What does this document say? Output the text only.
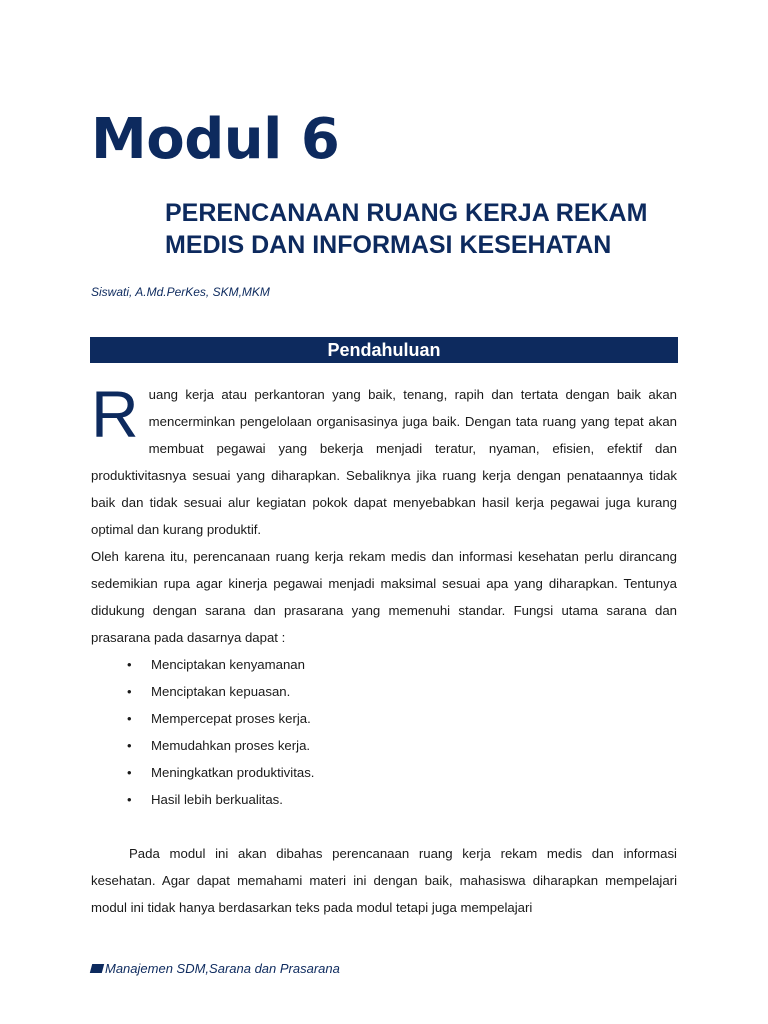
Modul 6
PERENCANAAN RUANG KERJA REKAM MEDIS DAN INFORMASI KESEHATAN
Siswati, A.Md.PerKes, SKM,MKM
Pendahuluan

Ruang kerja atau perkantoran yang baik, tenang, rapih dan tertata dengan baik akan mencerminkan pengelolaan organisasinya juga baik. Dengan tata ruang yang tepat akan membuat pegawai yang bekerja menjadi teratur, nyaman, efisien, efektif dan produktivitasnya sesuai yang diharapkan. Sebaliknya jika ruang kerja dengan penataannya tidak baik dan tidak sesuai alur kegiatan pokok dapat menyebabkan hasil kerja pegawai juga kurang optimal dan kurang produktif.

Oleh karena itu, perencanaan ruang kerja rekam medis dan informasi kesehatan perlu dirancang sedemikian rupa agar kinerja pegawai menjadi maksimal sesuai apa yang diharapkan. Tentunya didukung dengan sarana dan prasarana yang memenuhi standar. Fungsi utama sarana dan prasarana pada dasarnya dapat :

• Menciptakan kenyamanan
• Menciptakan kepuasan.
• Mempercepat proses kerja.
• Memudahkan proses kerja.
• Meningkatkan produktivitas.
• Hasil lebih berkualitas.

Pada modul ini akan dibahas perencanaan ruang kerja rekam medis dan informasi kesehatan. Agar dapat memahami materi ini dengan baik, mahasiswa diharapkan mempelajari modul ini tidak hanya berdasarkan teks pada modul tetapi juga mempelajari

Manajemen SDM,Sarana dan Prasarana
